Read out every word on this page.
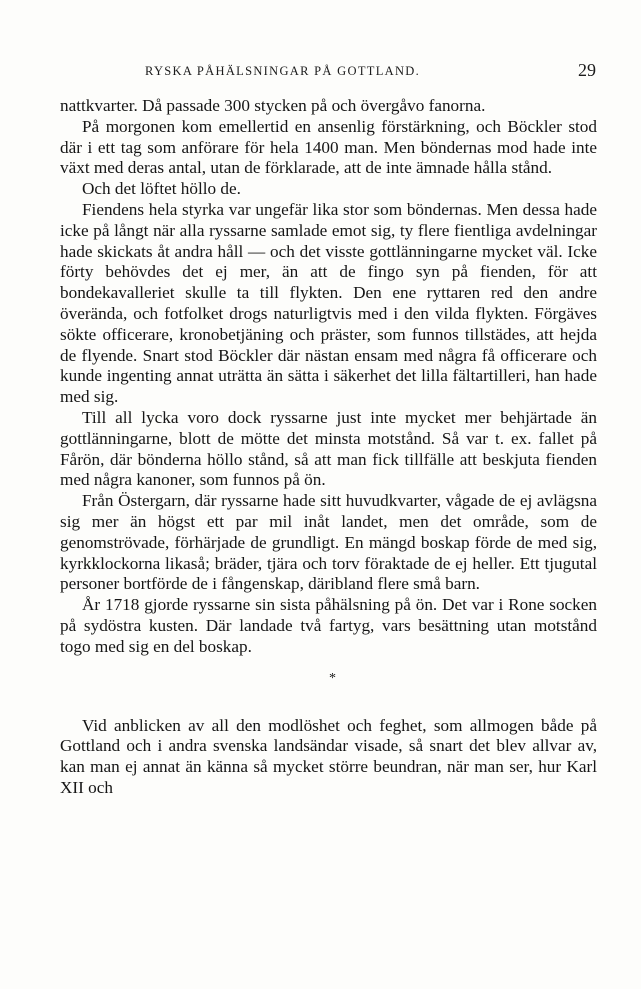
RYSKA PÅHÄLSNINGAR PÅ GOTTLAND.	29

nattkvarter. Då passade 300 stycken på och övergåvo fanorna.

På morgonen kom emellertid en ansenlig förstärkning, och Böckler stod där i ett tag som anförare för hela 1400 man. Men böndernas mod hade inte växt med deras antal, utan de förklarade, att de inte ämnade hålla stånd.

Och det löftet höllo de.

Fiendens hela styrka var ungefär lika stor som böndernas. Men dessa hade icke på långt när alla ryssarne samlade emot sig, ty flere fientliga avdelningar hade skickats åt andra håll — och det visste gottlänningarne mycket väl. Icke förty behövdes det ej mer, än att de fingo syn på fienden, för att bondekavalleriet skulle ta till flykten. Den ene ryttaren red den andre överända, och fotfolket drogs naturligtvis med i den vilda flykten. Förgäves sökte officerare, kronobetjäning och präster, som funnos tillstädes, att hejda de flyende. Snart stod Böckler där nästan ensam med några få officerare och kunde ingenting annat uträtta än sätta i säkerhet det lilla fältartilleri, han hade med sig.

Till all lycka voro dock ryssarne just inte mycket mer behjärtade än gottlänningarne, blott de mötte det minsta motstånd. Så var t. ex. fallet på Fårön, där bönderna höllo stånd, så att man fick tillfälle att beskjuta fienden med några kanoner, som funnos på ön.

Från Östergarn, där ryssarne hade sitt huvudkvarter, vågade de ej avlägsna sig mer än högst ett par mil inåt landet, men det område, som de genomströvade, förhärjade de grundligt. En mängd boskap förde de med sig, kyrkklockorna likaså; bräder, tjära och torv föraktade de ej heller. Ett tjugutal personer bortförde de i fångenskap, däribland flere små barn.

År 1718 gjorde ryssarne sin sista påhälsning på ön. Det var i Rone socken på sydöstra kusten. Där landade två fartyg, vars besättning utan motstånd togo med sig en del boskap.

*

Vid anblicken av all den modlöshet och feghet, som allmogen både på Gottland och i andra svenska landsändar visade, så snart det blev allvar av, kan man ej annat än känna så mycket större beundran, när man ser, hur Karl XII och
